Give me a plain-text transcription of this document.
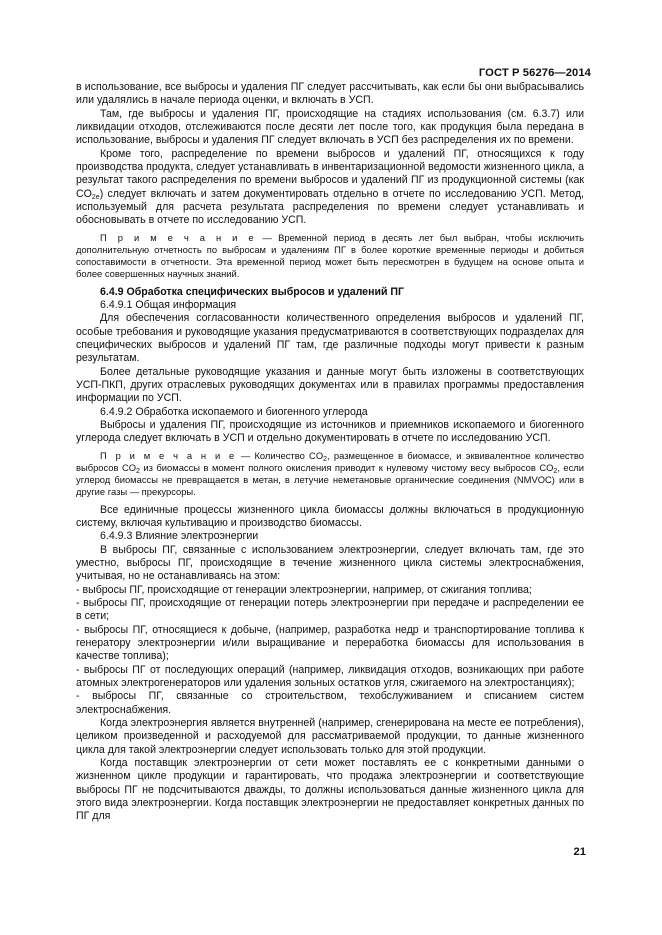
ГОСТ Р 56276—2014

в использование, все выбросы и удаления ПГ следует рассчитывать, как если бы они выбрасывались или удалялись в начале периода оценки, и включать в УСП.

Там, где выбросы и удаления ПГ, происходящие на стадиях использования (см. 6.3.7) или ликвидации отходов, отслеживаются после десяти лет после того, как продукция была передана в использование, выбросы и удаления ПГ следует включать в УСП без распределения их по времени.

Кроме того, распределение по времени выбросов и удалений ПГ, относящихся к году производства продукта, следует устанавливать в инвентаризационной ведомости жизненного цикла, а результат такого распределения по времени выбросов и удалений ПГ из продукционной системы (как $CO_{2e}$) следует включать и затем документировать отдельно в отчете по исследованию УСП. Метод, используемый для расчета результата распределения по времени следует устанавливать и обосновывать в отчете по исследованию УСП.

П р и м е ч а н и е — Временной период в десять лет был выбран, чтобы исключить дополнительную отчетность по выбросам и удалениям ПГ в более короткие временные периоды и добиться сопоставимости в отчетности. Эта временной период может быть пересмотрен в будущем на основе опыта и более совершенных научных знаний.

6.4.9 Обработка специфических выбросов и удалений ПГ

6.4.9.1 Общая информация

Для обеспечения согласованности количественного определения выбросов и удалений ПГ, особые требования и руководящие указания предусматриваются в соответствующих подразделах для специфических выбросов и удалений ПГ там, где различные подходы могут привести к разным результатам.

Более детальные руководящие указания и данные могут быть изложены в соответствующих УСП-ПКП, других отраслевых руководящих документах или в правилах программы предоставления информации по УСП.

6.4.9.2 Обработка ископаемого и биогенного углерода

Выбросы и удаления ПГ, происходящие из источников и приемников ископаемого и биогенного углерода следует включать в УСП и отдельно документировать в отчете по исследованию УСП.

П р и м е ч а н и е — Количество $CO_2$, размещенное в биомассе, и эквивалентное количество выбросов $CO_2$ из биомассы в момент полного окисления приводит к нулевому чистому весу выбросов $CO_2$, если углерод биомассы не превращается в метан, в летучие неметановые органические соединения (NMVOC) или в другие газы — прекурсоры.

Все единичные процессы жизненного цикла биомассы должны включаться в продукционную систему, включая культивацию и производство биомассы.

6.4.9.3 Влияние электроэнергии

В выбросы ПГ, связанные с использованием электроэнергии, следует включать там, где это уместно, выбросы ПГ, происходящие в течение жизненного цикла системы электроснабжения, учитывая, но не останавливаясь на этом:

- выбросы ПГ, происходящие от генерации электроэнергии, например, от сжигания топлива;

- выбросы ПГ, происходящие от генерации потерь электроэнергии при передаче и распределении ее в сети;

- выбросы ПГ, относящиеся к добыче, (например, разработка недр и транспортирование топлива к генератору электроэнергии и/или выращивание и переработка биомассы для использования в качестве топлива);

- выбросы ПГ от последующих операций (например, ликвидация отходов, возникающих при работе атомных электрогенераторов или удаления зольных остатков угля, сжигаемого на электростанциях);

- выбросы ПГ, связанные со строительством, техобслуживанием и списанием систем электроснабжения.

Когда электроэнергия является внутренней (например, сгенерирована на месте ее потребления), целиком произведенной и расходуемой для рассматриваемой продукции, то данные жизненного цикла для такой электроэнергии следует использовать только для этой продукции.

Когда поставщик электроэнергии от сети может поставлять ее с конкретными данными о жизненном цикле продукции и гарантировать, что продажа электроэнергии и соответствующие выбросы ПГ не подсчитываются дважды, то должны использоваться данные жизненного цикла для этого вида электроэнергии. Когда поставщик электроэнергии не предоставляет конкретных данных по ПГ для

21
